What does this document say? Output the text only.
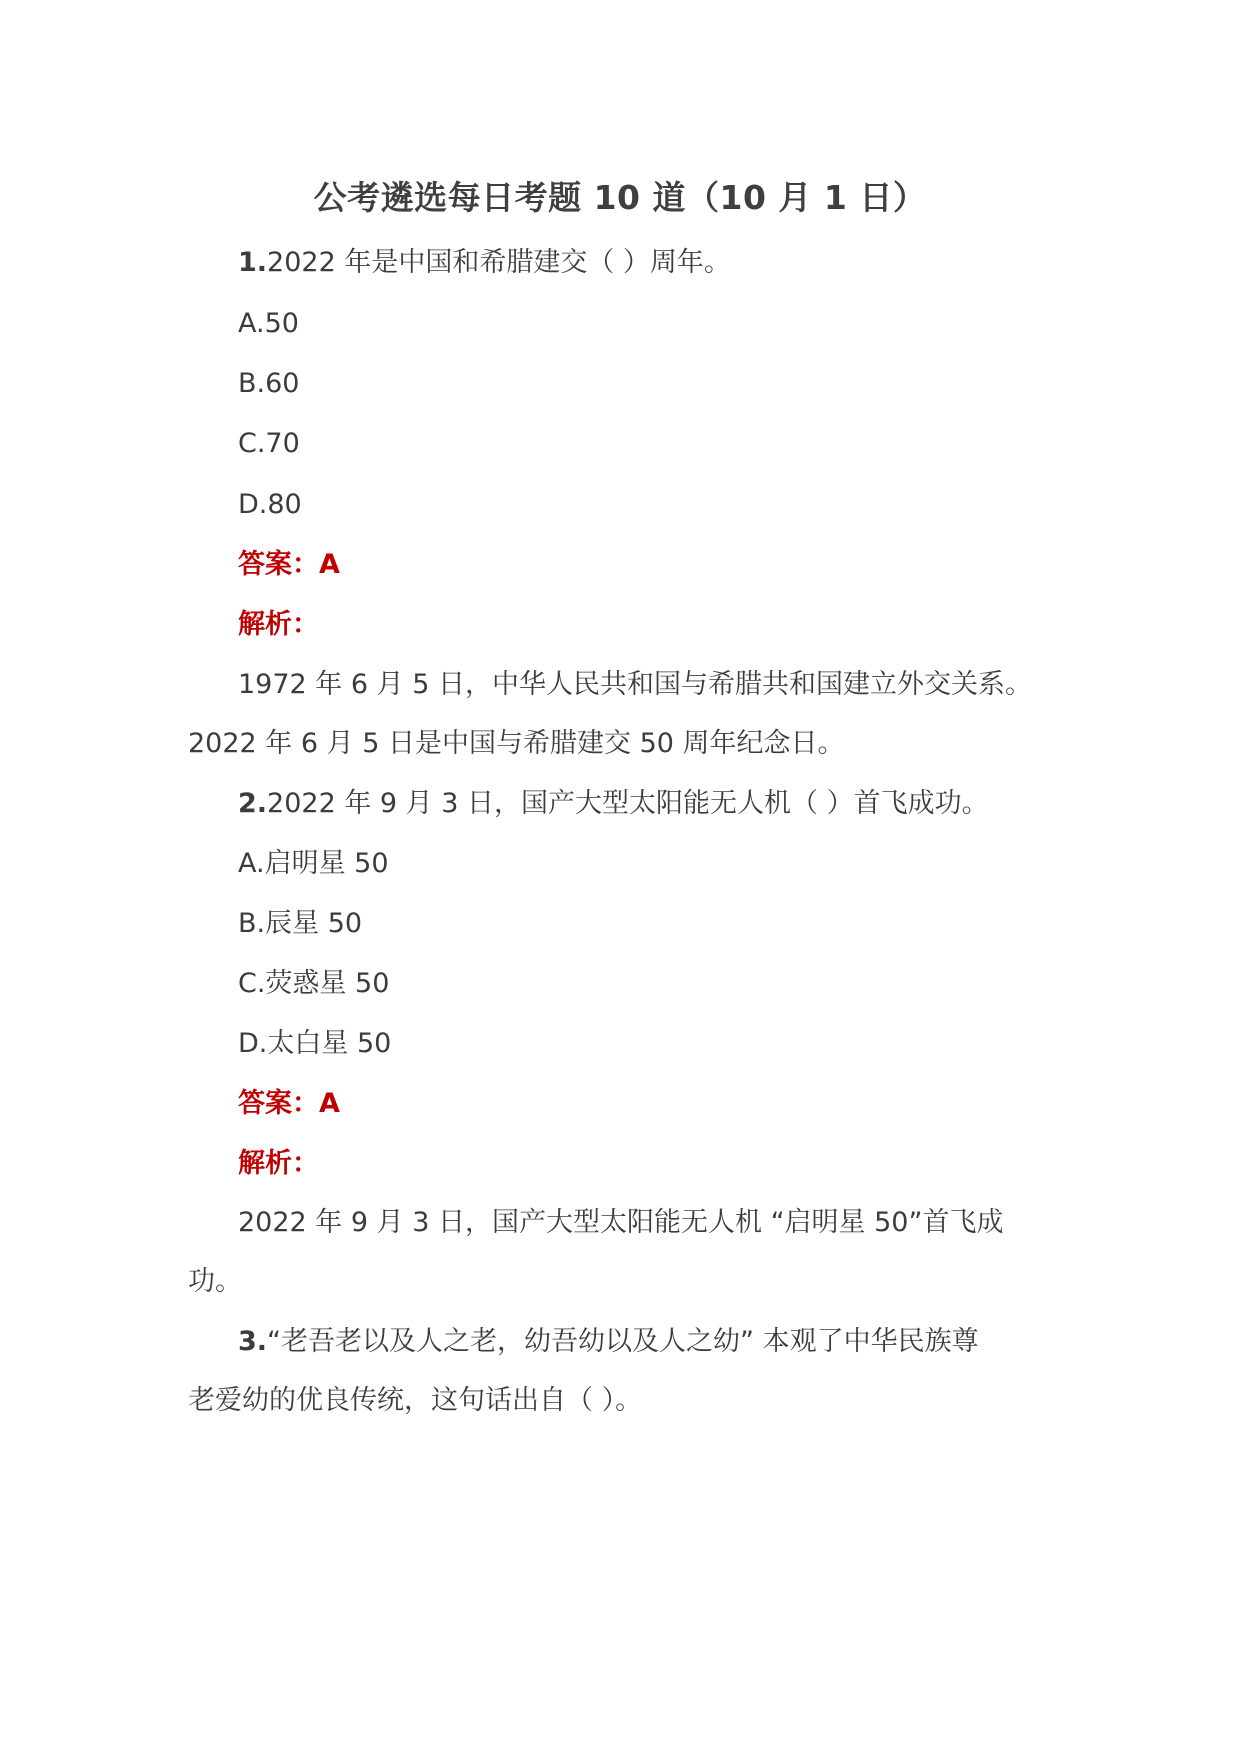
公考遴选每日考题 10 道（10 月 1 日）
1.2022 年是中国和希腊建交（ ）周年。
A.50
B.60
C.70
D.80
答案：A
解析：
1972 年 6 月 5 日，中华人民共和国与希腊共和国建立外交关系。
2022 年 6 月 5 日是中国与希腊建交 50 周年纪念日。
2.2022 年 9 月 3 日，国产大型太阳能无人机（ ）首飞成功。
A.启明星 50
B.辰星 50
C.荧惑星 50
D.太白星 50
答案：A
解析：
2022 年 9 月 3 日，国产大型太阳能无人机 “启明星 50”首飞成
功。
3.“老吾老以及人之老，幼吾幼以及人之幼” 本观了中华民族尊
老爱幼的优良传统，这句话出自（ ）。
